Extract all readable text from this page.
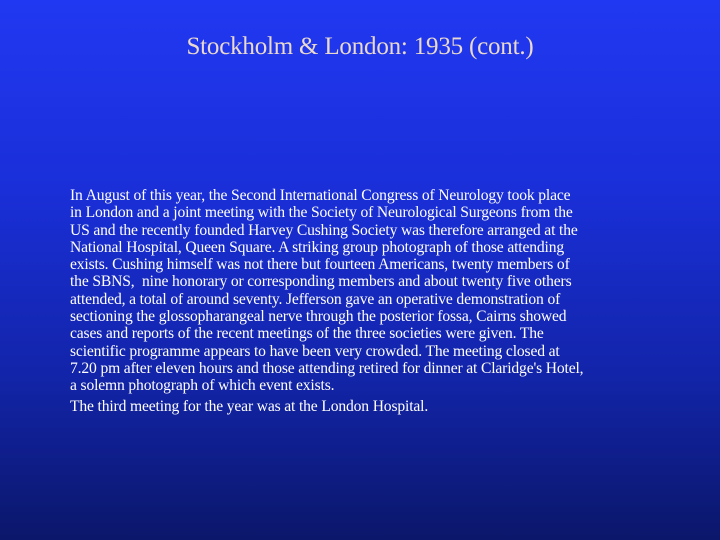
Stockholm & London: 1935 (cont.)
In August of this year, the Second International Congress of Neurology took place
in London and a joint meeting with the Society of Neurological Surgeons from the
US and the recently founded Harvey Cushing Society was therefore arranged at the
National Hospital, Queen Square. A striking group photograph of those attending
exists. Cushing himself was not there but fourteen Americans, twenty members of
the SBNS,  nine honorary or corresponding members and about twenty five others
attended, a total of around seventy. Jefferson gave an operative demonstration of
sectioning the glossopharangeal nerve through the posterior fossa, Cairns showed
cases and reports of the recent meetings of the three societies were given. The
scientific programme appears to have been very crowded. The meeting closed at
7.20 pm after eleven hours and those attending retired for dinner at Claridge's Hotel,
a solemn photograph of which event exists.
The third meeting for the year was at the London Hospital.
